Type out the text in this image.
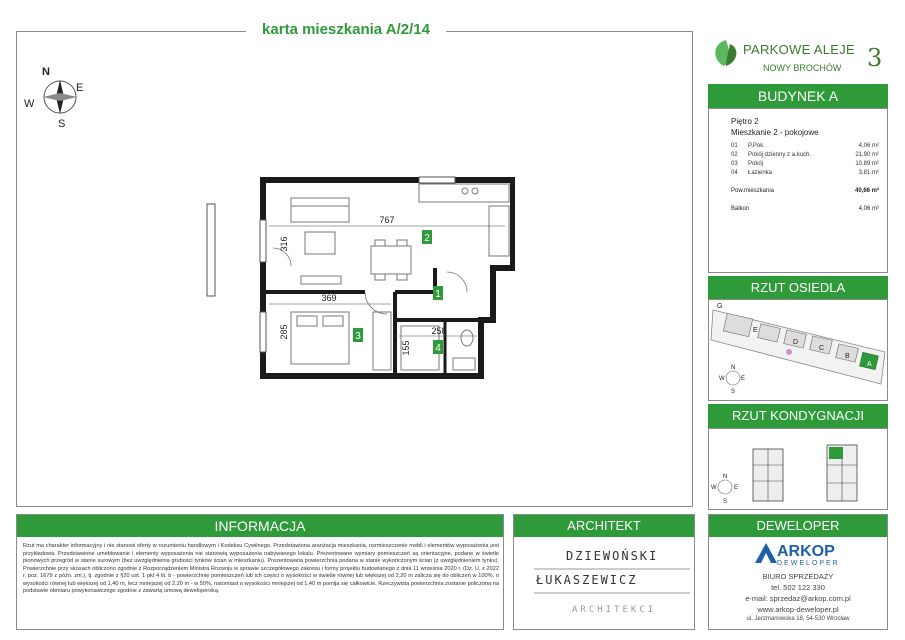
karta mieszkania A/2/14
N
E
S
W
2
1
3
4
767
316
369
285	258
155
PARKOWE ALEJE
NOWY BROCHÓW 3
BUDYNEK A
Piętro 2
Mieszkanie 2 - pokojowe
01 P.Pok.	4,06 m²
02 Pokój dzienny z a.kuch.	21,90 m²
03 Pokój	10,89 m²
04 Łazienka	3,81 m²
Pow.mieszkania	40,66 m²
Balkon	4,06 m²
RZUT OSIEDLA
G
E
D
C
B
A
N
E
S
W
RZUT KONDYGNACJI
N
E
S
W
INFORMACJA
Rzut ma charakter informacyjny i nie stanowi oferty w rozumieniu handlowym i Kodeksu Cywilnego. Przedstawiona aranżacja mieszkania, rozmieszczenie mebli i elementów wyposażenia jest przykładowa. Przedstawione umeblowanie i elementy wyposażenia nie stanowią wyposażenia nabywanego lokalu. Prezentowane wymiary pomieszczeń są orientacyjne, podane w świetle pionowych przegród w stanie surowym (bez uwzględnienia grubości tynków ścian w mieszkaniu). Prezentowana powierzchnia podana w stanie wykończonym ścian (z uwzględnieniem tynku). Powierzchnie przy skosach obliczono zgodnie z Rozporządzeniem Ministra Rozwoju w sprawie szczegółowego zakresu i formy projektu budowlanego z dnia 11 września 2020 r. (Dz. U. z 2022 r. poz. 1679 z późn. zm.), tj. zgodnie z §20 ust. 1 pkt 4 lit. b - powierzchnię pomieszczeń lub ich części o wysokości w świetle równej lub większej od 2,20 m zalicza się do obliczeń w 100%, o wysokości równej lub większej od 1,40 m, lecz mniejszej od 2,20 m - w 50%, natomiast o wysokości mniejszej od 1,40 m pomija się całkowicie. Rzeczywista powierzchnia zostanie policzona na podstawie obmiaru powykonawczego zgodnie z zawartą umową deweloperską.
ARCHITEKT
DZIEWOŃSKI
ŁUKASZEWICZ
ARCHITEKCI
DEWELOPER
ARKOP
DEWELOPER
BIURO SPRZEDAŻY
tel. 502 122 330
e-mail: sprzedaz@arkop.com.pl
www.arkop-deweloper.pl
ul. Jerzmanowska 18, 54-530 Wrocław
